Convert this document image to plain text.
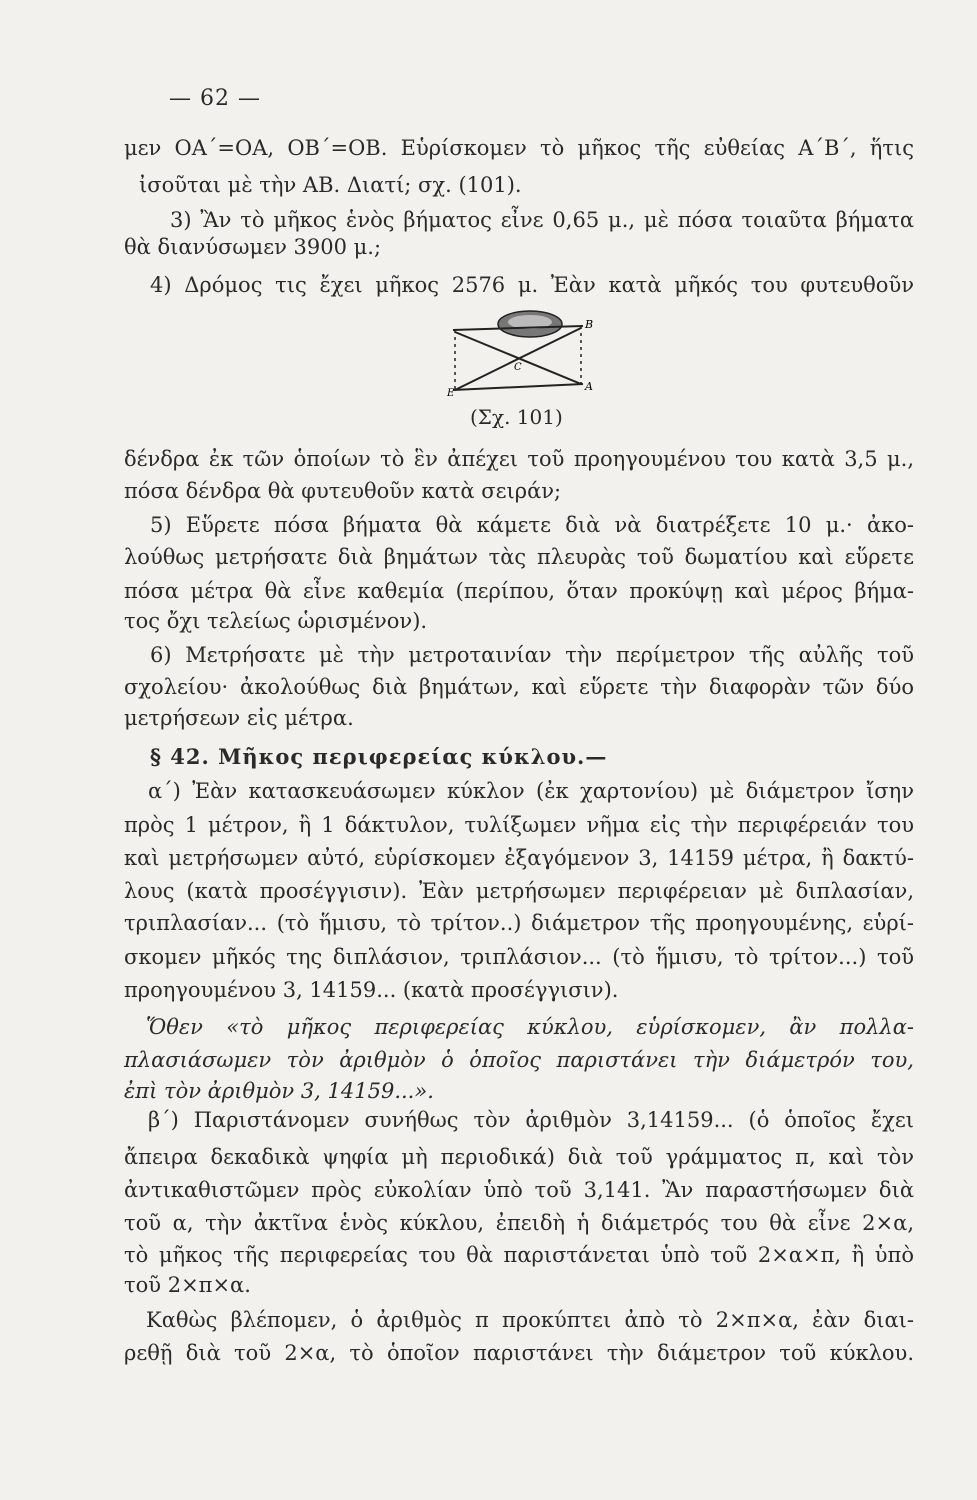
— 62 —
μεν ΟΑ΄=ΟΑ, ΟΒ΄=ΟΒ. Εὑρίσκομεν τὸ μῆκος τῆς εὐθείας Α΄Β΄, ἥτις
ἰσοῦται μὲ τὴν ΑΒ. Διατί; σχ. (101).
3) Ἂν τὸ μῆκος ἑνὸς βήματος εἶνε 0,65 μ., μὲ πόσα τοιαῦτα βήματα
θὰ διανύσωμεν 3900 μ.;
4) Δρόμος τις ἔχει μῆκος 2576 μ. Ἐὰν κατὰ μῆκός του φυτευθοῦν
B
A
E
C
(Σχ. 101)
δένδρα ἐκ τῶν ὁποίων τὸ ἓν ἀπέχει τοῦ προηγουμένου του κατὰ 3,5 μ.,
πόσα δένδρα θὰ φυτευθοῦν κατὰ σειράν;
5) Εὕρετε πόσα βήματα θὰ κάμετε διὰ νὰ διατρέξετε 10 μ.· ἀκο-
λούθως μετρήσατε διὰ βημάτων τὰς πλευρὰς τοῦ δωματίου καὶ εὕρετε
πόσα μέτρα θὰ εἶνε καθεμία (περίπου, ὅταν προκύψῃ καὶ μέρος βήμα-
τος ὄχι τελείως ὡρισμένον).
6) Μετρήσατε μὲ τὴν μετροταινίαν τὴν περίμετρον τῆς αὐλῆς τοῦ
σχολείου· ἀκολούθως διὰ βημάτων, καὶ εὕρετε τὴν διαφορὰν τῶν δύο
μετρήσεων εἰς μέτρα.
§ 42. Μῆκος περιφερείας κύκλου.—
α΄) Ἐὰν κατασκευάσωμεν κύκλον (ἐκ χαρτονίου) μὲ διάμετρον ἴσην
πρὸς 1 μέτρον, ἢ 1 δάκτυλον, τυλίξωμεν νῆμα εἰς τὴν περιφέρειάν του
καὶ μετρήσωμεν αὐτό, εὑρίσκομεν ἐξαγόμενον 3, 14159 μέτρα, ἢ δακτύ-
λους (κατὰ προσέγγισιν). Ἐὰν μετρήσωμεν περιφέρειαν μὲ διπλασίαν,
τριπλασίαν... (τὸ ἥμισυ, τὸ τρίτον..) διάμετρον τῆς προηγουμένης, εὑρί-
σκομεν μῆκός της διπλάσιον, τριπλάσιον... (τὸ ἥμισυ, τὸ τρίτον...) τοῦ
προηγουμένου 3, 14159... (κατὰ προσέγγισιν).
Ὅθεν «τὸ μῆκος περιφερείας κύκλου, εὑρίσκομεν, ἂν πολλα-
πλασιάσωμεν τὸν ἀριθμὸν ὁ ὁποῖος παριστάνει τὴν διάμετρόν του,
ἐπὶ τὸν ἀριθμὸν 3, 14159...».
β΄) Παριστάνομεν συνήθως τὸν ἀριθμὸν 3,14159... (ὁ ὁποῖος ἔχει
ἄπειρα δεκαδικὰ ψηφία μὴ περιοδικά) διὰ τοῦ γράμματος π, καὶ τὸν
ἀντικαθιστῶμεν πρὸς εὐκολίαν ὑπὸ τοῦ 3,141. Ἂν παραστήσωμεν διὰ
τοῦ α, τὴν ἀκτῖνα ἑνὸς κύκλου, ἐπειδὴ ἡ διάμετρός του θὰ εἶνε 2×α,
τὸ μῆκος τῆς περιφερείας του θὰ παριστάνεται ὑπὸ τοῦ 2×α×π, ἢ ὑπὸ
τοῦ 2×π×α.
Καθὼς βλέπομεν, ὁ ἀριθμὸς π προκύπτει ἀπὸ τὸ 2×π×α, ἐὰν διαι-
ρεθῇ διὰ τοῦ 2×α, τὸ ὁποῖον παριστάνει τὴν διάμετρον τοῦ κύκλου.
